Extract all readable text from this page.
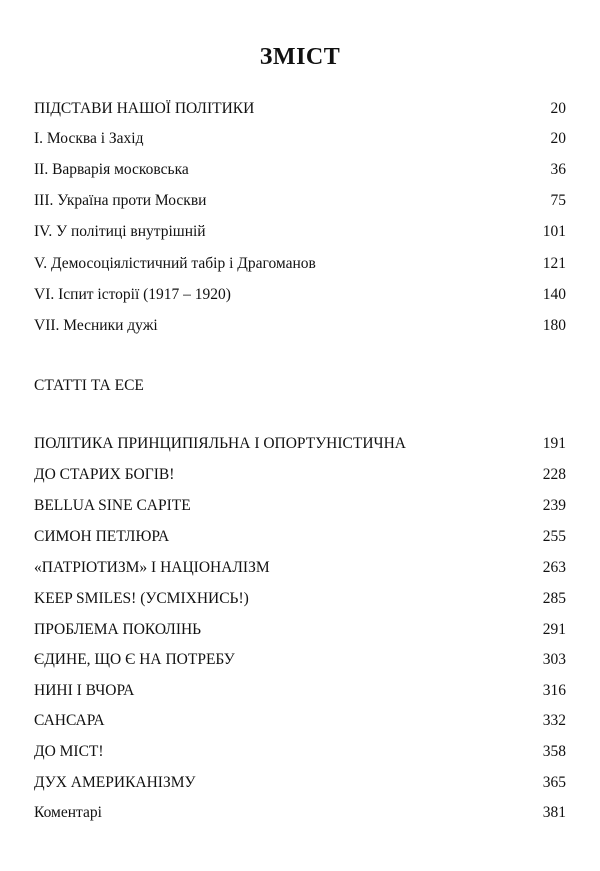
ЗМІСТ
ПІДСТАВИ НАШОЇ ПОЛІТИКИ	20
І. Москва і Захід	20
ІІ. Варварія московська	36
ІІІ. Україна проти Москви	75
IV. У політиці внутрішній	101
V. Демосоціялістичний табір і Драгоманов	121
VI. Іспит історії (1917 – 1920)	140
VII. Месники дужі	180
СТАТТІ ТА ЕСЕ
ПОЛІТИКА ПРИНЦИПІЯЛЬНА І ОПОРТУНІСТИЧНА	191
ДО СТАРИХ БОГІВ!	228
BELLUA SINE CAPITE	239
СИМОН ПЕТЛЮРА	255
«ПАТРІОТИЗМ» І НАЦІОНАЛІЗМ	263
KEEP SMILES! (УСМІХНИСЬ!)	285
ПРОБЛЕМА ПОКОЛІНЬ	291
ЄДИНЕ, ЩО Є НА ПОТРЕБУ	303
НИНІ І ВЧОРА	316
САНСАРА	332
ДО МІСТ!	358
ДУХ АМЕРИКАНІЗМУ	365
Коментарі	381
